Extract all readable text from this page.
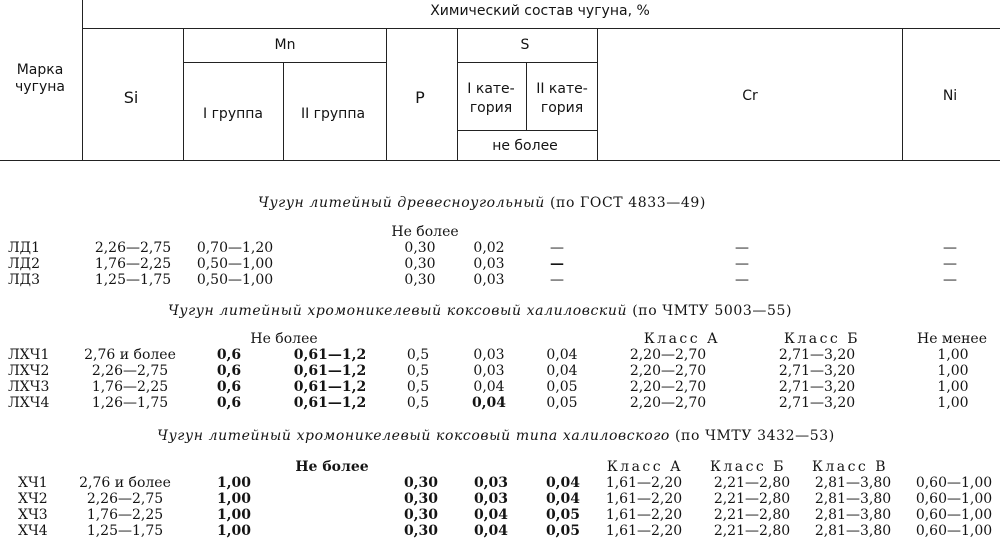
Марка
чугуна
Химический состав чугуна, %
Si
Mn
I группа	II группа
P
S
I кате-
гория
II кате-
гория
не более
Cr	Ni
Чугун литейный древесноугольный (по ГОСТ 4833—49)
Не более
ЛД1	2,26—2,75 0,70—1,20	0,30	0,02	—	—	—
ЛД2	1,76—2,25 0,50—1,00	0,30	0,03	—	—	—
ЛД3	1,25—1,75 0,50—1,00	0,30	0,03	—	—	—
Чугун литейный хромоникелевый коксовый халиловский (по ЧМТУ 5003—55)
Не более	Класс А	Класс Б	Не менее
ЛХЧ1 2,76 и более	0,6	0,61—1,2	0,5	0,03	0,04	2,20—2,70	2,71—3,20	1,00
ЛХЧ2	2,26—2,75	0,6	0,61—1,2	0,5	0,03	0,04	2,20—2,70	2,71—3,20	1,00
ЛХЧ3	1,76—2,25	0,6	0,61—1,2	0,5	0,04	0,05	2,20—2,70	2,71—3,20	1,00
ЛХЧ4	1,26—1,75	0,6	0,61—1,2	0,5	0,04	0,05	2,20—2,70	2,71—3,20	1,00
Чугун литейный хромоникелевый коксовый типа халиловского (по ЧМТУ 3432—53)
Не более	Класс А Класс Б Класс В
ХЧ1 2,76 и более	1,00	0,30	0,03	0,04 1,61—2,20 2,21—2,80 2,81—3,80 0,60—1,00
ХЧ2	2,26—2,75	1,00	0,30	0,03	0,04 1,61—2,20 2,21—2,80 2,81—3,80 0,60—1,00
ХЧ3	1,76—2,25	1,00	0,30	0,04	0,05 1,61—2,20 2,21—2,80 2,81—3,80 0,60—1,00
ХЧ4	1,25—1,75	1,00	0,30	0,04	0,05 1,61—2,20 2,21—2,80 2,81—3,80 0,60—1,00
